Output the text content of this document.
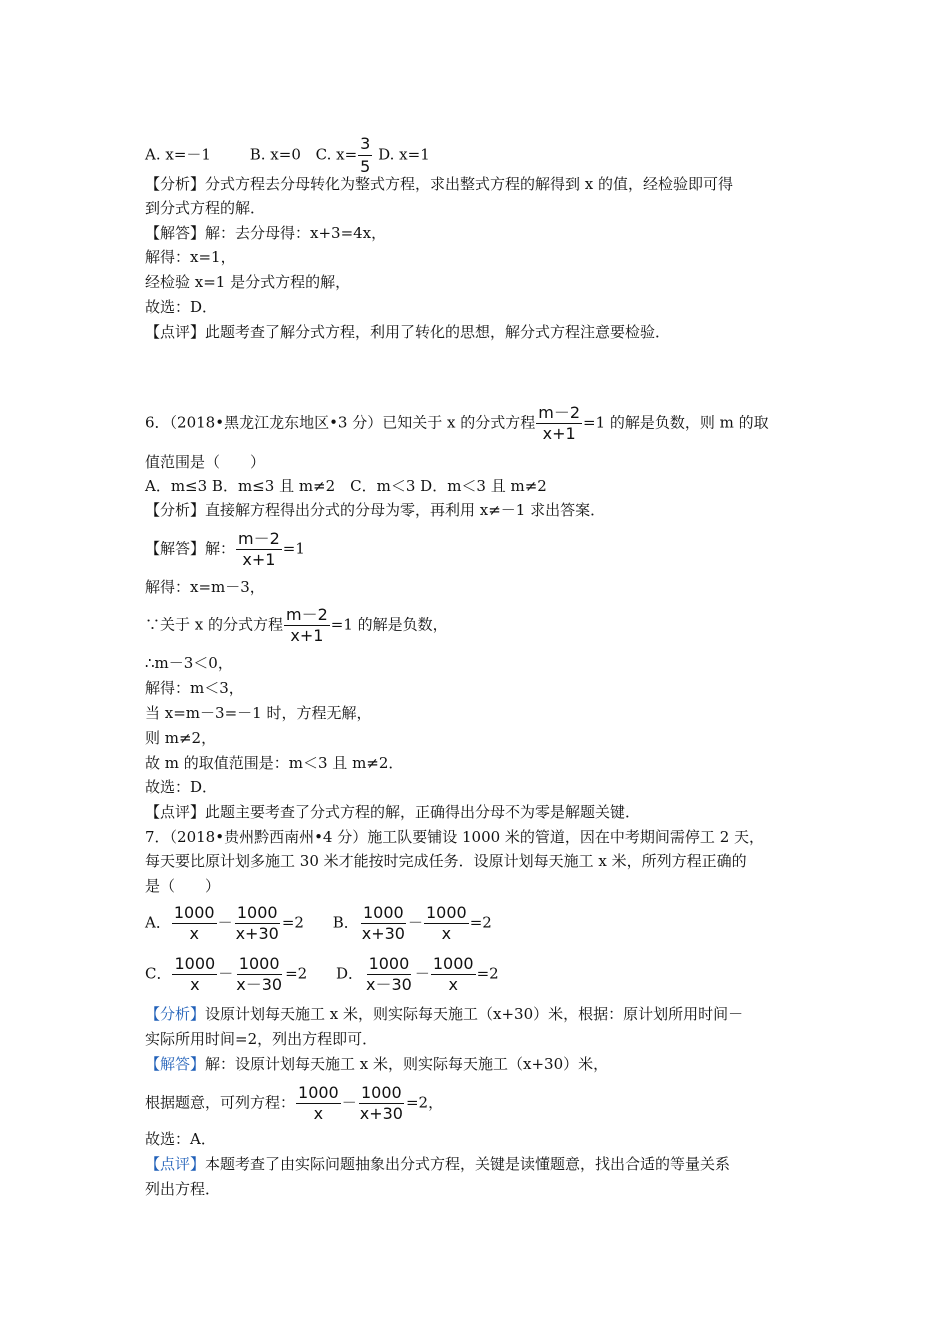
A. x=－1	B. x=0 C. $x= \frac{3}{5} D$. x=1
【分析】分式方程去分母转化为整式方程，求出整式方程的解得到 x 的值，经检验即可得
到分式方程的解．
【解答】解：去分母得：x+3=4x，
解得：x=1，
经检验 x=1 是分式方程的解，
故选：D．
【点评】此题考查了解分式方程，利用了转化的思想，解分式方程注意要检验．
6．（2018•黑龙江龙东地区•3 分）已知关于 x 的分式方程 $\frac{m-2}{x+1} =1$ 的解是负数，则 m 的取
值范围是（　　）
A．m≤3 B．m≤3 且 m≠2　C．m＜3 D．m＜3 且 m≠2
【分析】直接解方程得出分式的分母为零，再利用 x≠－1 求出答案．
【解答】解： $\frac{m-2}{x+1} =1$
解得：x=m－3，
∵关于 x 的分式方程 $\frac{m-2}{x+1} =1$ 的解是负数，
∴m－3＜0，
解得：m＜3，
当 x=m－3=－1 时，方程无解，
则 m≠2，
故 m 的取值范围是：m＜3 且 m≠2．
故选：D．
【点评】此题主要考查了分式方程的解，正确得出分母不为零是解题关键．
7．（2018•贵州黔西南州•4 分）施工队要铺设 1000 米的管道，因在中考期间需停工 2 天，
每天要比原计划多施工 30 米才能按时完成任务．设原计划每天施工 x 米，所列方程正确的
是（　　）
A． $\frac{1000}{x} - \frac{1000}{x+30} =2$ B． $\frac{1000}{x+30} - \frac{1000}{x} =2$
C． $\frac{1000}{x} - \frac{1000}{x-30} =2$ D． $\frac{1000}{x-30} - \frac{1000}{x} =2$
【分析】设原计划每天施工 x 米，则实际每天施工（x+30）米，根据：原计划所用时间－
实际所用时间=2，列出方程即可．
【解答】解：设原计划每天施工 x 米，则实际每天施工（x+30）米，
根据题意，可列方程： $\frac{1000}{x} - \frac{1000}{x+30} =2$，
故选：A．
【点评】本题考查了由实际问题抽象出分式方程，关键是读懂题意，找出合适的等量关系
列出方程．
